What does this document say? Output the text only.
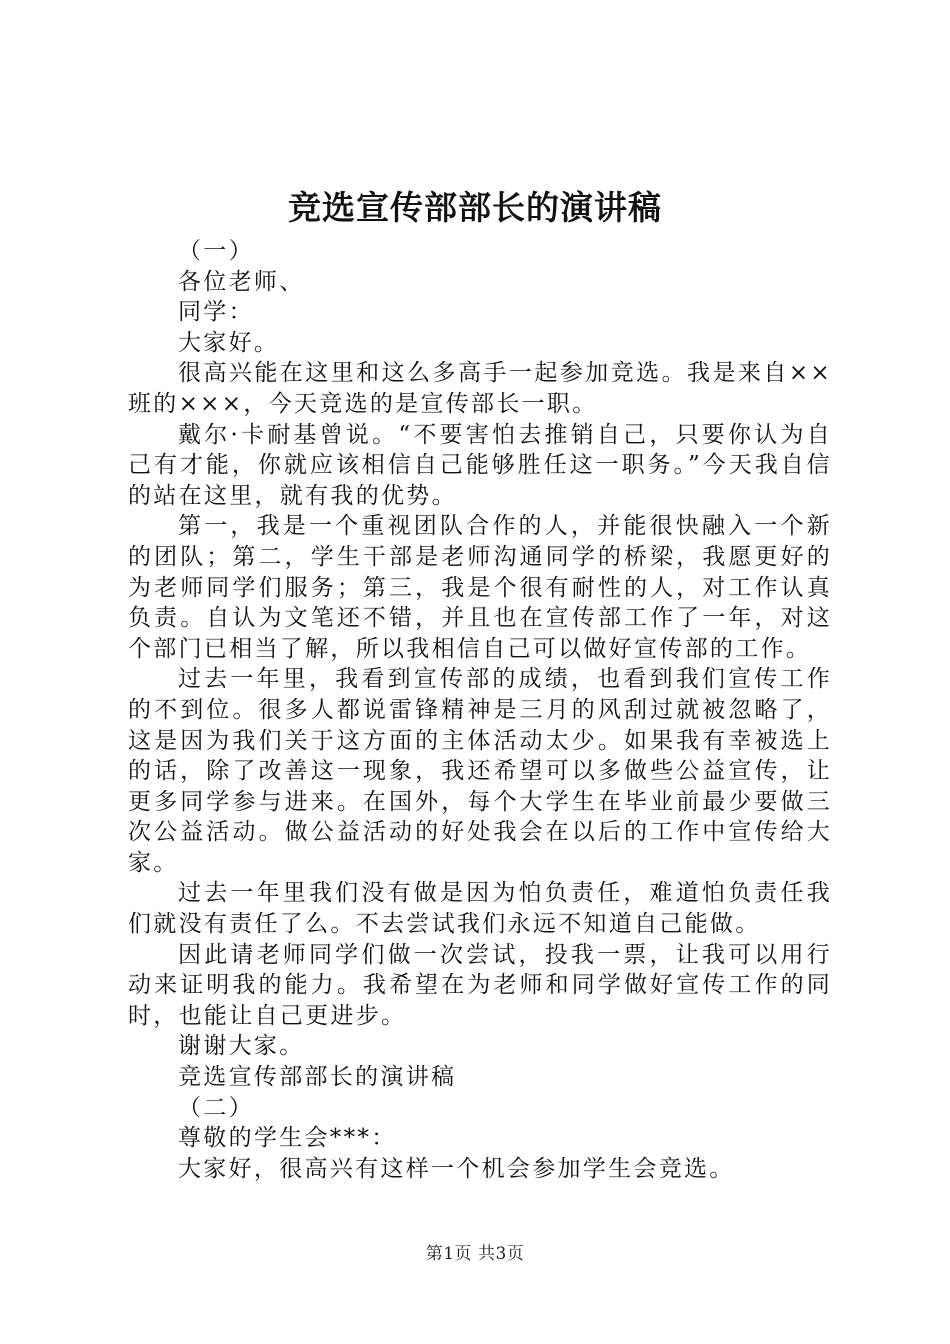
竞选宣传部部长的演讲稿

（一）

各位老师、

同学：

大家好。

很高兴能在这里和这么多高手一起参加竞选。我是来自××班的×××，今天竞选的是宣传部长一职。

戴尔·卡耐基曾说。“不要害怕去推销自己，只要你认为自己有才能，你就应该相信自己能够胜任这一职务。”今天我自信的站在这里，就有我的优势。

第一，我是一个重视团队合作的人，并能很快融入一个新的团队；第二，学生干部是老师沟通同学的桥梁，我愿更好的为老师同学们服务；第三，我是个很有耐性的人，对工作认真负责。自认为文笔还不错，并且也在宣传部工作了一年，对这个部门已相当了解，所以我相信自己可以做好宣传部的工作。

过去一年里，我看到宣传部的成绩，也看到我们宣传工作的不到位。很多人都说雷锋精神是三月的风刮过就被忽略了，这是因为我们关于这方面的主体活动太少。如果我有幸被选上的话，除了改善这一现象，我还希望可以多做些公益宣传，让更多同学参与进来。在国外，每个大学生在毕业前最少要做三次公益活动。做公益活动的好处我会在以后的工作中宣传给大家。

过去一年里我们没有做是因为怕负责任，难道怕负责任我们就没有责任了么。不去尝试我们永远不知道自己能做。

因此请老师同学们做一次尝试，投我一票，让我可以用行动来证明我的能力。我希望在为老师和同学做好宣传工作的同时，也能让自己更进步。

谢谢大家。

竞选宣传部部长的演讲稿

（二）

尊敬的学生会***：

大家好，很高兴有这样一个机会参加学生会竞选。

第1页 共3页
